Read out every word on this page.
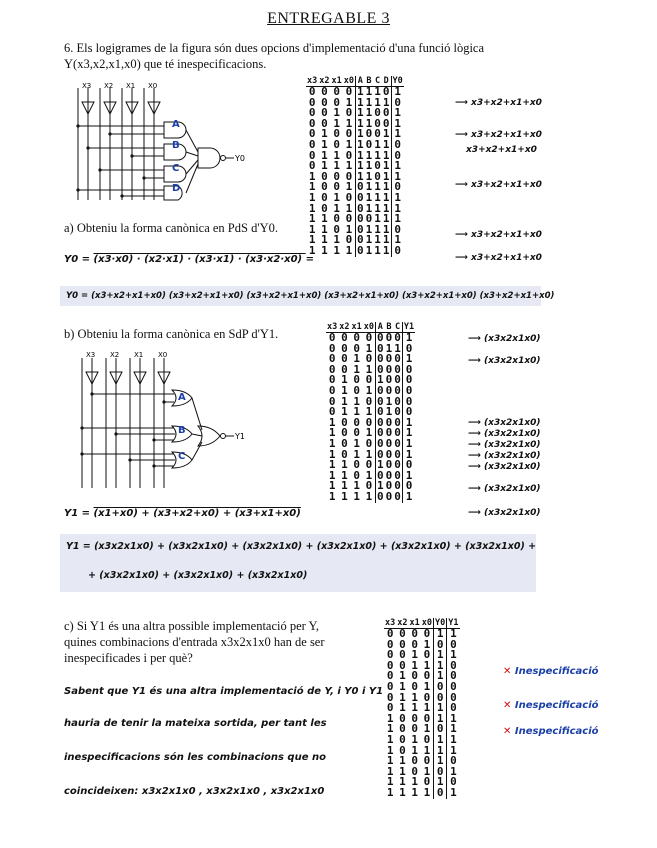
ENTREGABLE 3
6. Els logigrames de la figura són dues opcions d'implementació d'una funció lògica
Y(x3,x2,x1,x0) que té inespecificacions.
X3 X2 X1 X0
A
B
C
D
Y0
a) Obteniu la forma canònica en PdS d'Y0.
Y0 = (x3·x0) · (x2·x1) · (x3·x1) · (x3·x2·x0) =
Y0 = (x3+x2+x1+x0) (x3+x2+x1+x0) (x3+x2+x1+x0) (x3+x2+x1+x0) (x3+x2+x1+x0) (x3+x2+x1+x0)
x3	x2	x1	x0	A	B	C	D	Y0
0	0	0	0	1	1	1	0	1
0	0	0	1	1	1	1	1	0
0	0	1	0	1	1	0	0	1
0	0	1	1	1	1	0	0	1
0	1	0	0	1	0	0	1	1
0	1	0	1	1	0	1	1	0
0	1	1	0	1	1	1	1	0
0	1	1	1	1	1	0	1	1
1	0	0	0	1	1	0	1	1
1	0	0	1	0	1	1	1	0
1	0	1	0	0	1	1	1	1
1	0	1	1	0	1	1	1	1
1	1	0	0	0	0	1	1	1
1	1	0	1	0	1	1	1	0
1	1	1	0	0	1	1	1	1
1	1	1	1	0	1	1	1	0
⟶ x3+x2+x1+x0
⟶ x3+x2+x1+x0
x3+x2+x1+x0
⟶ x3+x2+x1+x0
⟶ x3+x2+x1+x0
⟶ x3+x2+x1+x0
b) Obteniu la forma canònica en SdP d'Y1.
X3 X2 X1 X0
A
B
C
Y1
Y1 = (x1+x0) + (x3+x2+x0) + (x3+x1+x0)
Y1 = (x3x2x1x0) + (x3x2x1x0) + (x3x2x1x0) + (x3x2x1x0) + (x3x2x1x0) + (x3x2x1x0) +
+ (x3x2x1x0) + (x3x2x1x0) + (x3x2x1x0)
x3	x2	x1	x0	A	B	C	Y1
0	0	0	0	0	0	0	1
0	0	0	1	0	1	1	0
0	0	1	0	0	0	0	1
0	0	1	1	0	0	0	0
0	1	0	0	1	0	0	0
0	1	0	1	0	0	0	0
0	1	1	0	0	1	0	0
0	1	1	1	0	1	0	0
1	0	0	0	0	0	0	1
1	0	0	1	0	0	0	1
1	0	1	0	0	0	0	1
1	0	1	1	0	0	0	1
1	1	0	0	1	0	0	0
1	1	0	1	0	0	0	1
1	1	1	0	1	0	0	0
1	1	1	1	0	0	0	1
⟶ (x3x2x1x0)
⟶ (x3x2x1x0)
⟶ (x3x2x1x0)
⟶ (x3x2x1x0)
⟶ (x3x2x1x0)
⟶ (x3x2x1x0)
⟶ (x3x2x1x0)
⟶ (x3x2x1x0)
⟶ (x3x2x1x0)
c) Si Y1 és una altra possible implementació per Y,
quines combinacions d'entrada x3x2x1x0 han de ser
inespecificades i per què?
Sabent que Y1 és una altra implementació de Y, i Y0 i Y1
hauria de tenir la mateixa sortida, per tant les
inespecificacions són les combinacions que no
coincideixen: x3x2x1x0 , x3x2x1x0 , x3x2x1x0
x3	x2	x1	x0	Y0	Y1
0	0	0	0	1	1
0	0	0	1	0	0
0	0	1	0	1	1
0	0	1	1	1	0
0	1	0	0	1	0
0	1	0	1	0	0
0	1	1	0	0	0
0	1	1	1	1	0
1	0	0	0	1	1
1	0	0	1	0	1
1	0	1	0	1	1
1	0	1	1	1	1
1	1	0	0	1	0
1	1	0	1	0	1
1	1	1	0	1	0
1	1	1	1	0	1
✕ Inespecificació
✕ Inespecificació
✕ Inespecificació
